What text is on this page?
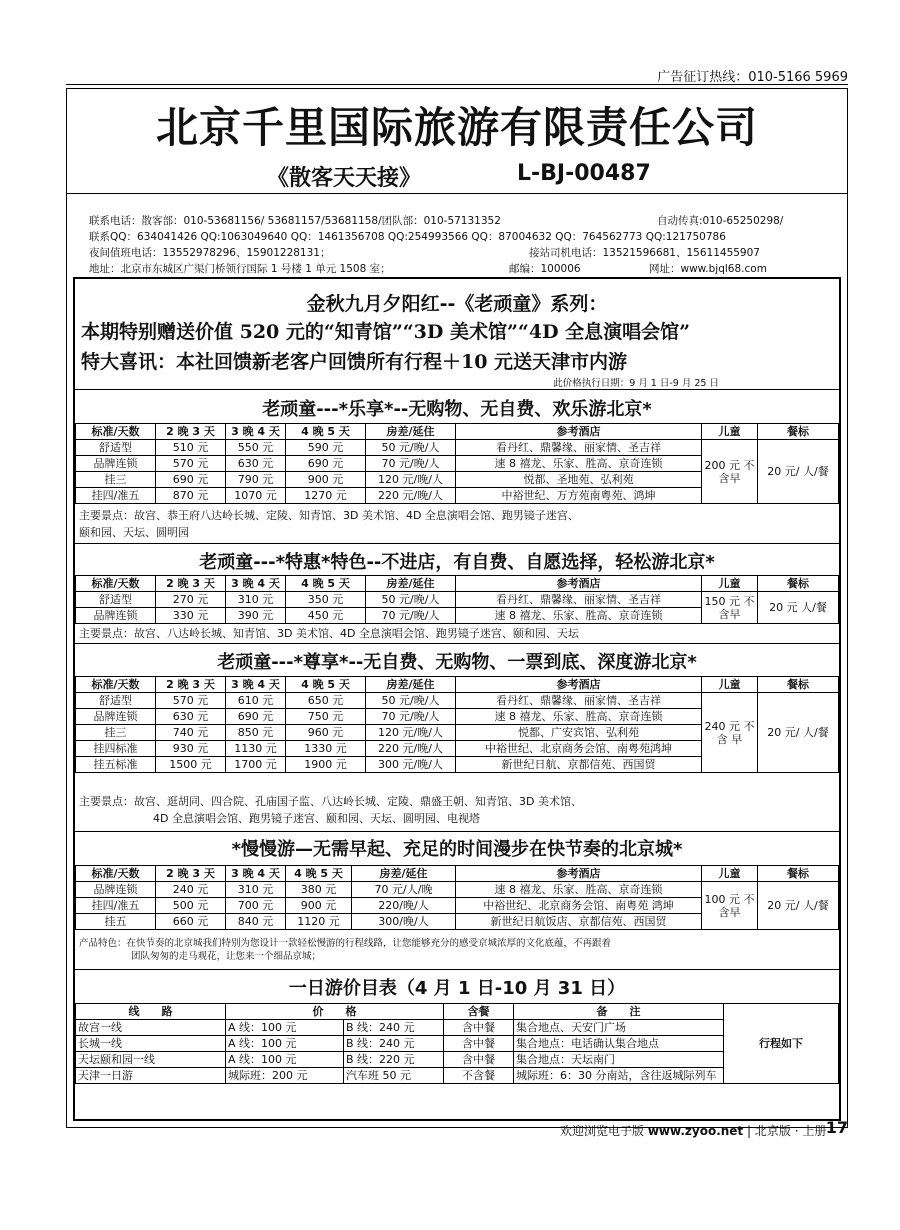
广告征订热线：010-5166 5969
北京千里国际旅游有限责任公司
《散客天天接》	L-BJ-00487
联系电话：散客部：010-53681156/ 53681157/53681158/团队部：010-57131352	自动传真:010-65250298/
联系QQ：634041426 QQ:1063049640 QQ：1461356708 QQ:254993566 QQ：87004632 QQ：764562773 QQ:121750786
夜间值班电话：13552978296、15901228131；	接站司机电话：13521596681、15611455907
地址：北京市东城区广渠门桥领行国际 1 号楼 1 单元 1508 室；	邮编：100006	网址：www.bjql68.com
金秋九月夕阳红--《老顽童》系列：
本期特别赠送价值 520 元的“知青馆”“3D 美术馆”“4D 全息演唱会馆”
特大喜讯：本社回馈新老客户回馈所有行程＋10 元送天津市内游
此价格执行日期：9 月 1 日-9 月 25 日
老顽童---*乐享*--无购物、无自费、欢乐游北京*
标准/天数	2 晚 3 天	3 晚 4 天	4 晚 5 天	房差/延住	参考酒店	儿童	餐标
舒适型	510 元	550 元	590 元	50 元/晚/人	看丹红、鼎馨缘、丽家情、圣吉祥	200 元 不含早	20 元/ 人/餐
品牌连锁	570 元	630 元	690 元	70 元/晚/人	速 8 禧龙、乐家、胜高、京奇连锁		
挂三	690 元	790 元	900 元	120 元/晚/人	悦都、圣地苑、弘利苑		
挂四/准五	870 元	1070 元	1270 元	220 元/晚/人	中裕世纪、万方苑南粤苑、鸿坤		
主要景点：故宫、恭王府八达岭长城、定陵、知青馆、3D 美术馆、4D 全息演唱会馆、跑男镜子迷宫、
颐和园、天坛、圆明园
老顽童---*特惠*特色--不进店，有自费、自愿选择，轻松游北京*
标准/天数	2 晚 3 天	3 晚 4 天	4 晚 5 天	房差/延住	参考酒店	儿童	餐标
舒适型	270 元	310 元	350 元	50 元/晚/人	看丹红、鼎馨缘、丽家情、圣吉祥	150 元 不含早	20 元 人/餐
品牌连锁	330 元	390 元	450 元	70 元/晚/人	速 8 禧龙、乐家、胜高、京奇连锁		
主要景点：故宫、八达岭长城、知青馆、3D 美术馆、4D 全息演唱会馆、跑男镜子迷宫、颐和园、天坛
老顽童---*尊享*--无自费、无购物、一票到底、深度游北京*
标准/天数	2 晚 3 天	3 晚 4 天	4 晚 5 天	房差/延住	参考酒店	儿童	餐标
舒适型	570 元	610 元	650 元	50 元/晚/人	看丹红、鼎馨缘、丽家情、圣吉祥	240 元 不含 早	20 元/ 人/餐
品牌连锁	630 元	690 元	750 元	70 元/晚/人	速 8 禧龙、乐家、胜高、京奇连锁		
挂三	740 元	850 元	960 元	120 元/晚/人	悦都、广安宾馆、弘利苑		
挂四标准	930 元	1130 元	1330 元	220 元/晚/人	中裕世纪、北京商务会馆、南粤苑鸿坤		
挂五标准	1500 元	1700 元	1900 元	300 元/晚/人	新世纪日航、京都信苑、西国贸		
主要景点：故宫、逛胡同、四合院、孔庙国子监、八达岭长城、定陵、鼎盛王朝、知青馆、3D 美术馆、
4D 全息演唱会馆、跑男镜子迷宫、颐和园、天坛、圆明园、电视塔
*慢慢游—无需早起、充足的时间漫步在快节奏的北京城*
标准/天数	2 晚 3 天	3 晚 4 天	4 晚 5 天	房差/延住	参考酒店	儿童	餐标
品牌连锁	240 元	310 元	380 元	70 元/人/晚	速 8 禧龙、乐家、胜高、京奇连锁	100 元 不含早	20 元/ 人/餐
挂四/准五	500 元	700 元	900 元	220/晚/人	中裕世纪、北京商务会馆、南粤苑 鸿坤		
挂五	660 元	840 元	1120 元	300/晚/人	新世纪日航饭店、京都信苑、西国贸		
产品特色：在快节奏的北京城我们特别为您设计一款轻松慢游的行程线路，让您能够充分的感受京城浓厚的文化底蕴，不再跟着
团队匆匆的走马观花，让您来一个细品京城；
一日游价目表（4 月 1 日-10 月 31 日）
线　　路	价　　格		含餐	备　　注	行程如下
故宫一线	A 线：100 元	B 线：240 元	含中餐	集合地点、天安门广场	
长城一线	A 线：100 元	B 线：240 元	含中餐	集合地点：电话确认集合地点	
天坛颐和园一线	A 线：100 元	B 线：220 元	含中餐	集合地点：天坛南门	
天津一日游	城际班：200 元	汽车班 50 元	不含餐	城际班：6：30 分南站，含往返城际列车	
欢迎浏览电子版 www.zyoo.net | 北京版 · 上册 17
